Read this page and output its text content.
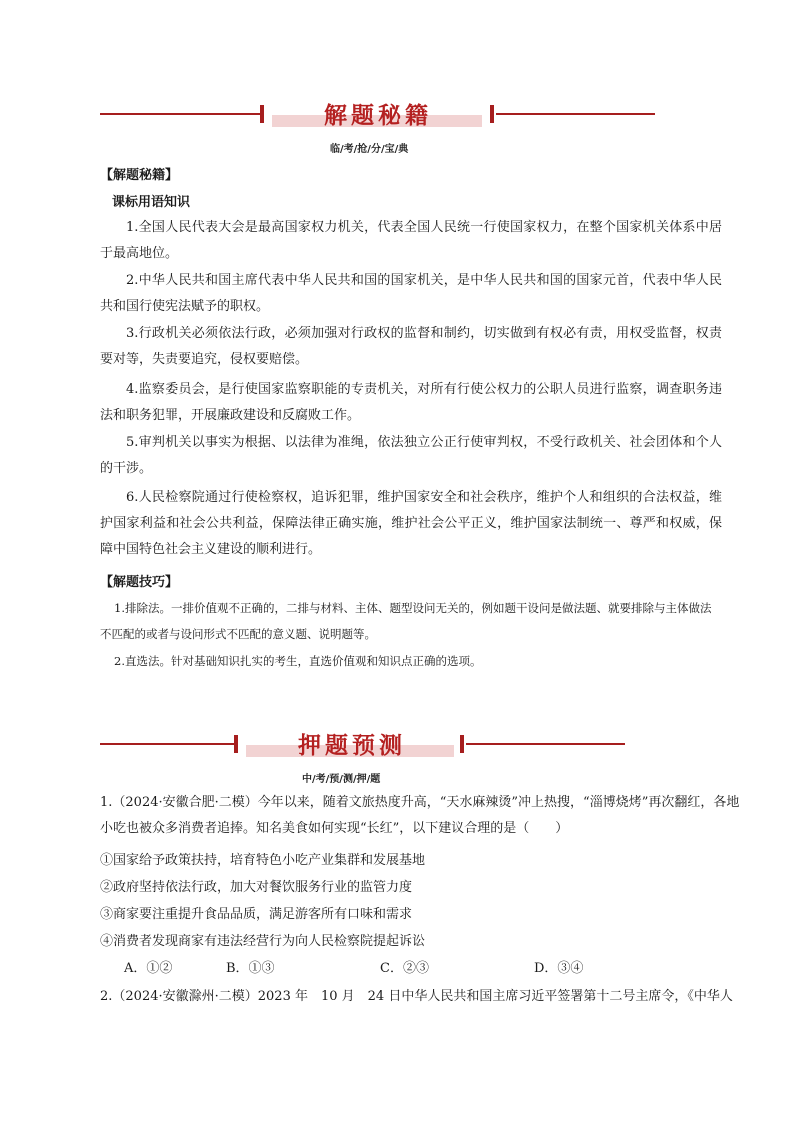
解题秘籍
临/考/抢/分/宝/典
【解题秘籍】
课标用语知识
1.全国人民代表大会是最高国家权力机关，代表全国人民统一行使国家权力，在整个国家机关体系中居于最高地位。
2.中华人民共和国主席代表中华人民共和国的国家机关，是中华人民共和国的国家元首，代表中华人民共和国行使宪法赋予的职权。
3.行政机关必须依法行政，必须加强对行政权的监督和制约，切实做到有权必有责，用权受监督，权责要对等，失责要追究，侵权要赔偿。
4.监察委员会，是行使国家监察职能的专责机关，对所有行使公权力的公职人员进行监察，调查职务违法和职务犯罪，开展廉政建设和反腐败工作。
5.审判机关以事实为根据、以法律为准绳，依法独立公正行使审判权，不受行政机关、社会团体和个人的干涉。
6.人民检察院通过行使检察权，追诉犯罪，维护国家安全和社会秩序，维护个人和组织的合法权益，维护国家利益和社会公共利益，保障法律正确实施，维护社会公平正义，维护国家法制统一、尊严和权威，保障中国特色社会主义建设的顺利进行。
【解题技巧】
1.排除法。一排价值观不正确的，二排与材料、主体、题型设问无关的，例如题干设问是做法题、就要排除与主体做法不匹配的或者与设问形式不匹配的意义题、说明题等。
2.直选法。针对基础知识扎实的考生，直选价值观和知识点正确的选项。
押题预测
中/考/预/测/押/题
1.（2024·安徽合肥·二模）今年以来，随着文旅热度升高，“天水麻辣烫”冲上热搜，“淄博烧烤”再次翻红，各地小吃也被众多消费者追捧。知名美食如何实现“长红”，以下建议合理的是（　　）
①国家给予政策扶持，培育特色小吃产业集群和发展基地
②政府坚持依法行政，加大对餐饮服务行业的监管力度
③商家要注重提升食品品质，满足游客所有口味和需求
④消费者发现商家有违法经营行为向人民检察院提起诉讼
A．①②	B．①③	C．②③	D．③④
2.（2024·安徽滁州·二模）2023 年　10 月　24 日中华人民共和国主席习近平签署第十二号主席令，《中华人
